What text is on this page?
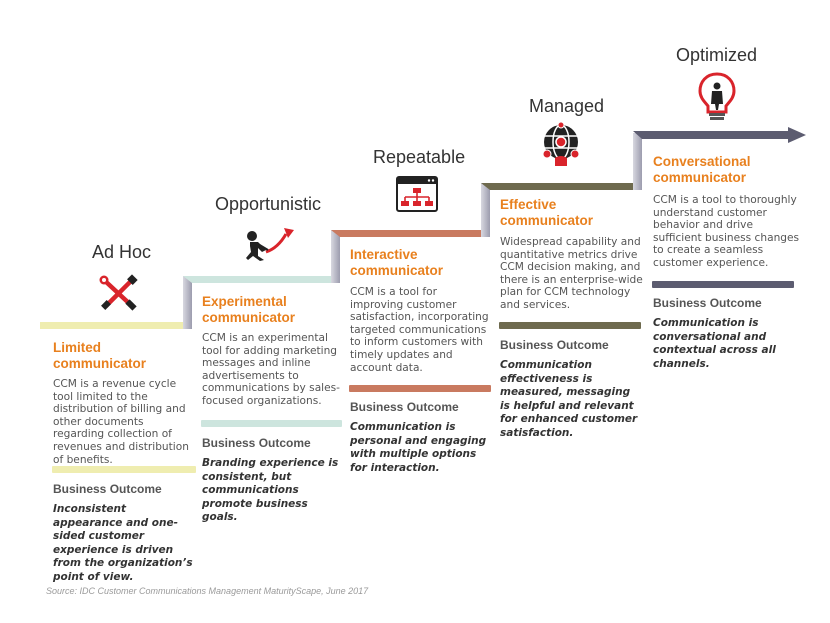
Ad Hoc
Opportunistic
Repeatable
Managed
Optimized
Limited
communicator
CCM is a revenue cycle tool limited to the distribution of billing and other documents regarding collection of revenues and distribution of benefits.
Business Outcome
Inconsistent appearance and one-sided customer experience is driven from the organization’s point of view.
Experimental
communicator
CCM is an experimental tool for adding marketing messages and inline advertisements to communications by sales-focused organizations.
Business Outcome
Branding experience is consistent, but communications promote business goals.
Interactive
communicator
CCM is a tool for improving customer satisfaction, incorporating targeted communications to inform customers with timely updates and account data.
Business Outcome
Communication is personal and engaging with multiple options for interaction.
Effective
communicator
Widespread capability and quantitative metrics drive CCM decision making, and there is an enterprise-wide plan for CCM technology and services.
Business Outcome
Communication effectiveness is measured, messaging is helpful and relevant for enhanced customer satisfaction.
Conversational
communicator
CCM is a tool to thoroughly understand customer behavior and drive sufficient business changes to create a seamless customer experience.
Business Outcome
Communication is conversational and contextual across all channels.
Source: IDC Customer Communications Management MaturityScape, June 2017
